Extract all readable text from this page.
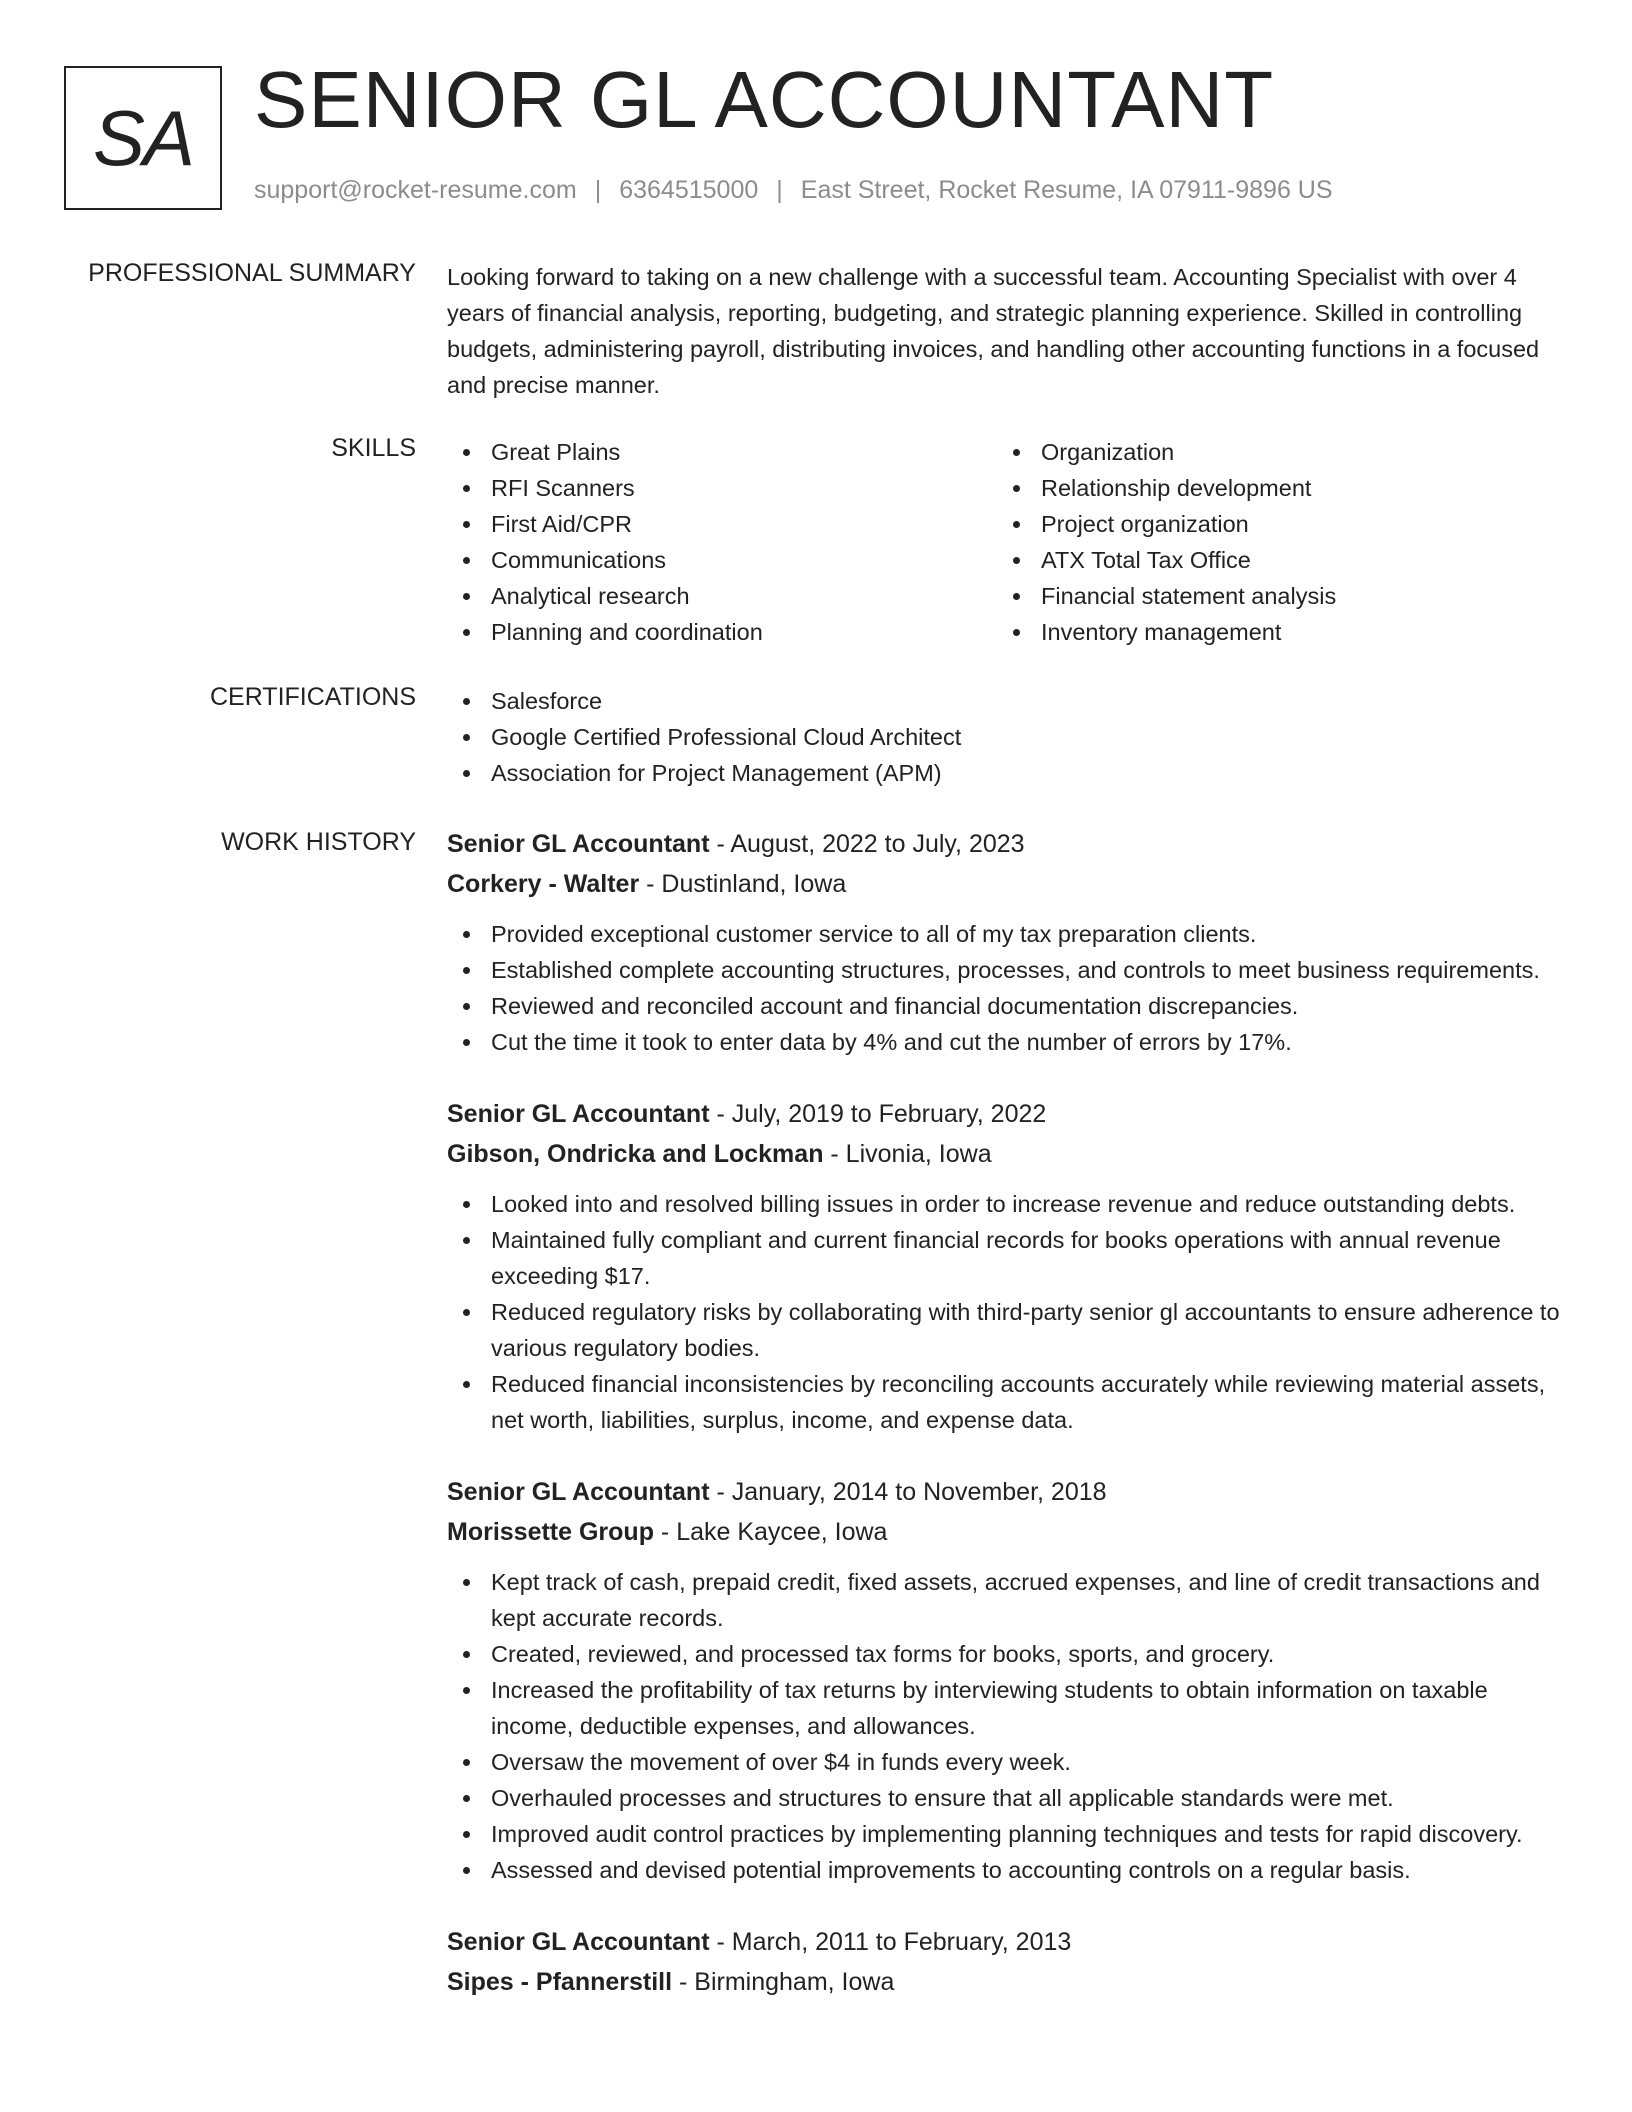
SA SENIOR GL ACCOUNTANT
support@rocket-resume.com | 6364515000 | East Street, Rocket Resume, IA 07911-9896 US
PROFESSIONAL SUMMARY Looking forward to taking on a new challenge with a successful team. Accounting Specialist with over 4 years of financial analysis, reporting, budgeting, and strategic planning experience. Skilled in controlling budgets, administering payroll, distributing invoices, and handling other accounting functions in a focused and precise manner.

SKILLS	Great Plains
RFI Scanners
First Aid/CPR
Communications
Analytical research
Planning and coordination
Organization
Relationship development
Project organization
ATX Total Tax Office
Financial statement analysis
Inventory management
CERTIFICATIONS	Salesforce
Google Certified Professional Cloud Architect
Association for Project Management (APM)
WORK HISTORY Senior GL Accountant - August, 2022 to July, 2023
Corkery - Walter - Dustinland, Iowa
Provided exceptional customer service to all of my tax preparation clients.
Established complete accounting structures, processes, and controls to meet business requirements.
Reviewed and reconciled account and financial documentation discrepancies.
Cut the time it took to enter data by 4% and cut the number of errors by 17%.
Senior GL Accountant - July, 2019 to February, 2022
Gibson, Ondricka and Lockman - Livonia, Iowa
Looked into and resolved billing issues in order to increase revenue and reduce outstanding debts.
Maintained fully compliant and current financial records for books operations with annual revenue exceeding $17.
Reduced regulatory risks by collaborating with third-party senior gl accountants to ensure adherence to various regulatory bodies.
Reduced financial inconsistencies by reconciling accounts accurately while reviewing material assets, net worth, liabilities, surplus, income, and expense data.
Senior GL Accountant - January, 2014 to November, 2018
Morissette Group - Lake Kaycee, Iowa
Kept track of cash, prepaid credit, fixed assets, accrued expenses, and line of credit transactions and kept accurate records.
Created, reviewed, and processed tax forms for books, sports, and grocery.
Increased the profitability of tax returns by interviewing students to obtain information on taxable income, deductible expenses, and allowances.
Oversaw the movement of over $4 in funds every week.
Overhauled processes and structures to ensure that all applicable standards were met.
Improved audit control practices by implementing planning techniques and tests for rapid discovery.
Assessed and devised potential improvements to accounting controls on a regular basis.
Senior GL Accountant - March, 2011 to February, 2013
Sipes - Pfannerstill - Birmingham, Iowa
